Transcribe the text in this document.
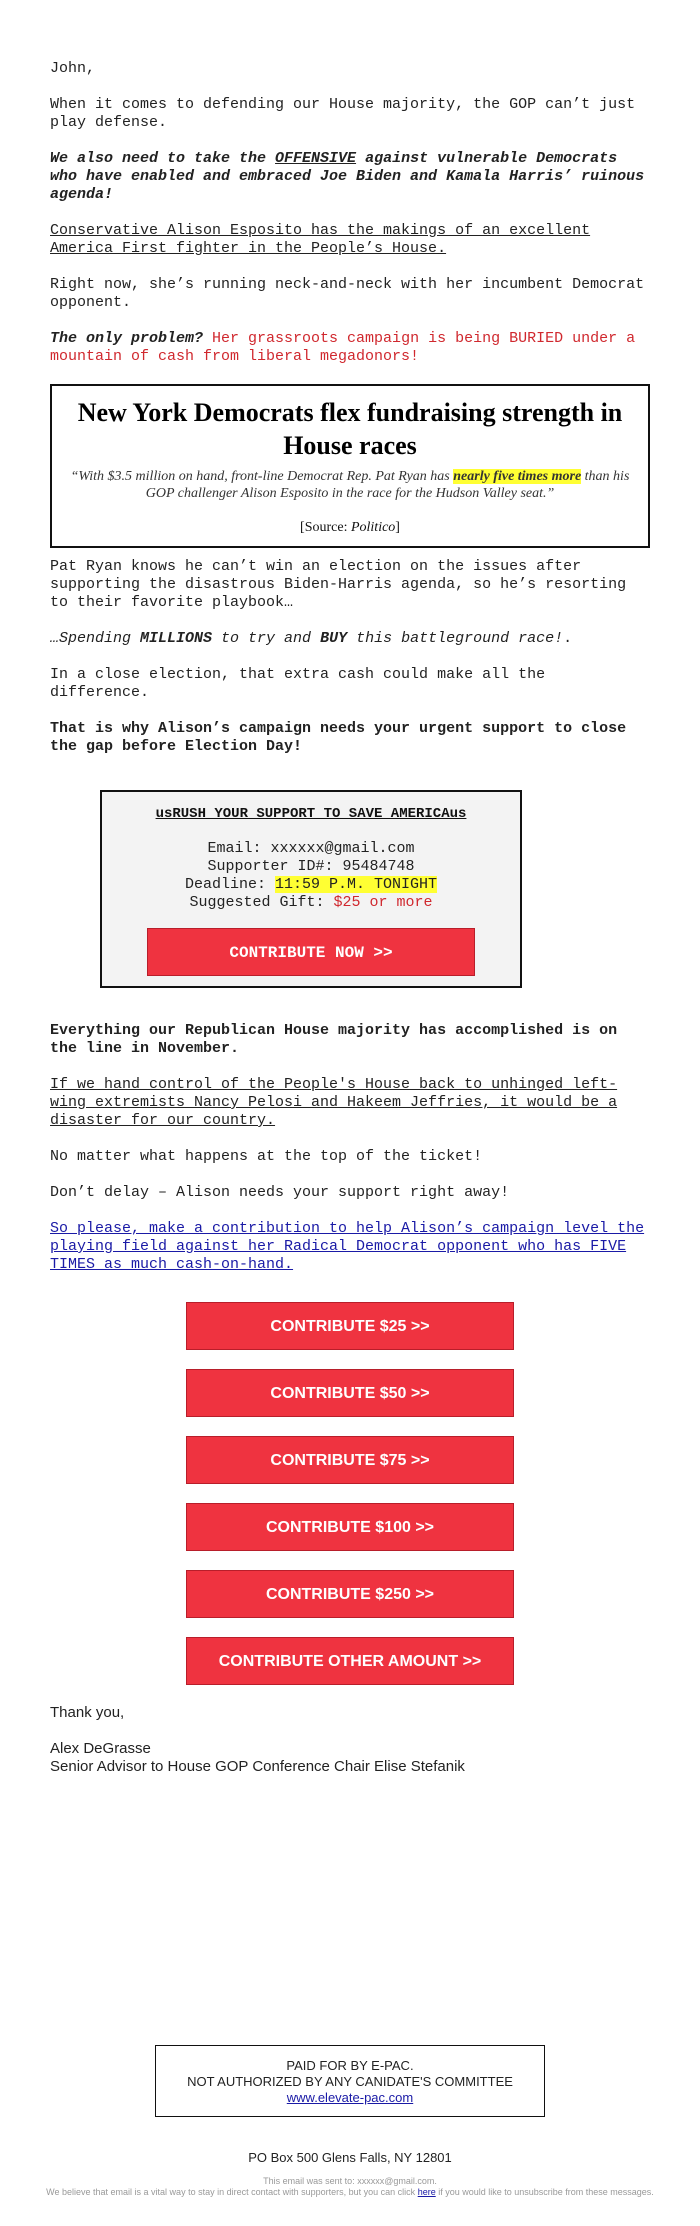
John,

When it comes to defending our House majority, the GOP can’t just play defense.

We also need to take the OFFENSIVE against vulnerable Democrats who have enabled and embraced Joe Biden and Kamala Harris’ ruinous agenda!

Conservative Alison Esposito has the makings of an excellent America First fighter in the People’s House.

Right now, she’s running neck-and-neck with her incumbent Democrat opponent.

The only problem? Her grassroots campaign is being BURIED under a mountain of cash from liberal megadonors!

New York Democrats flex fundraising strength in House races
“With $3.5 million on hand, front-line Democrat Rep. Pat Ryan has nearly five times more than his GOP challenger Alison Esposito in the race for the Hudson Valley seat.”
[Source: Politico]

Pat Ryan knows he can’t win an election on the issues after supporting the disastrous Biden-Harris agenda, so he’s resorting to their favorite playbook…

…Spending MILLIONS to try and BUY this battleground race!.

In a close election, that extra cash could make all the difference.

That is why Alison’s campaign needs your urgent support to close the gap before Election Day!

usRUSH YOUR SUPPORT TO SAVE AMERICAus
Email: xxxxxx@gmail.com
Supporter ID#: 95484748
Deadline: 11:59 P.M. TONIGHT
Suggested Gift: $25 or more
CONTRIBUTE NOW >>

Everything our Republican House majority has accomplished is on the line in November.

If we hand control of the People's House back to unhinged left-wing extremists Nancy Pelosi and Hakeem Jeffries, it would be a disaster for our country.

No matter what happens at the top of the ticket!

Don’t delay – Alison needs your support right away!

So please, make a contribution to help Alison’s campaign level the playing field against her Radical Democrat opponent who has FIVE TIMES as much cash-on-hand.

CONTRIBUTE $25 >>
CONTRIBUTE $50 >>
CONTRIBUTE $75 >>
CONTRIBUTE $100 >>
CONTRIBUTE $250 >>
CONTRIBUTE OTHER AMOUNT >>

Thank you,

Alex DeGrasse

Senior Advisor to House GOP Conference Chair Elise Stefanik

PAID FOR BY E-PAC.
NOT AUTHORIZED BY ANY CANIDATE'S COMMITTEE
www.elevate-pac.com
PO Box 500 Glens Falls, NY 12801
This email was sent to: xxxxxx@gmail.com.
We believe that email is a vital way to stay in direct contact with supporters, but you can click here if you would like to unsubscribe from these messages.
